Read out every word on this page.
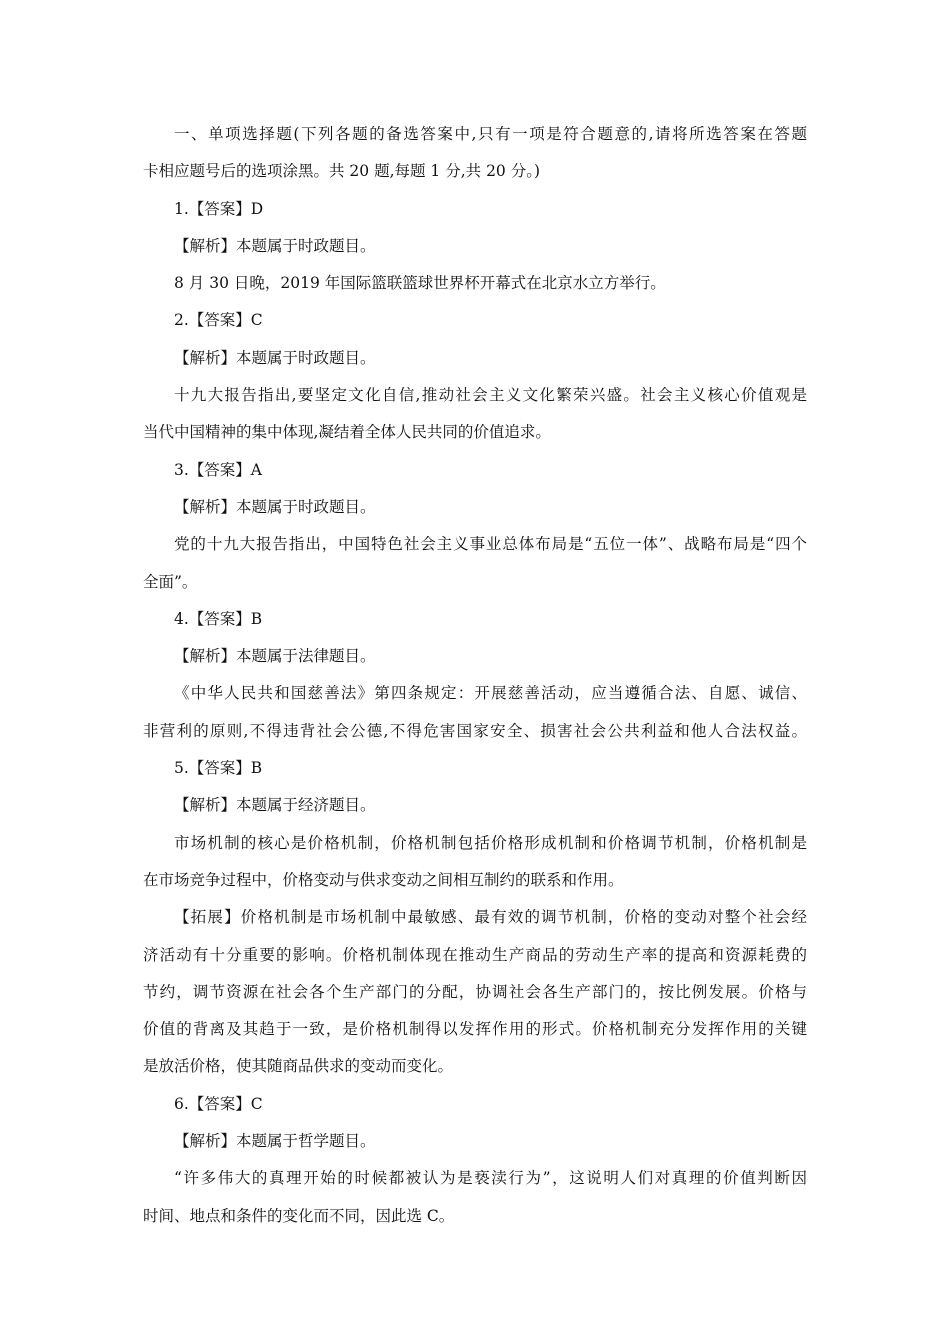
一、单项选择题(下列各题的备选答案中,只有一项是符合题意的,请将所选答案在答题
卡相应题号后的选项涂黑。共 20 题,每题 1 分,共 20 分。)
1.【答案】D
【解析】本题属于时政题目。
8 月 30 日晚，2019 年国际篮联篮球世界杯开幕式在北京水立方举行。
2.【答案】C
【解析】本题属于时政题目。
十九大报告指出,要坚定文化自信,推动社会主义文化繁荣兴盛。社会主义核心价值观是
当代中国精神的集中体现,凝结着全体人民共同的价值追求。
3.【答案】A
【解析】本题属于时政题目。
党的十九大报告指出，中国特色社会主义事业总体布局是“五位一体”、战略布局是“四个
全面”。
4.【答案】B
【解析】本题属于法律题目。
《中华人民共和国慈善法》第四条规定：开展慈善活动，应当遵循合法、自愿、诚信、
非营利的原则,不得违背社会公德,不得危害国家安全、损害社会公共利益和他人合法权益。
5.【答案】B
【解析】本题属于经济题目。
市场机制的核心是价格机制，价格机制包括价格形成机制和价格调节机制，价格机制是
在市场竞争过程中，价格变动与供求变动之间相互制约的联系和作用。
【拓展】价格机制是市场机制中最敏感、最有效的调节机制，价格的变动对整个社会经
济活动有十分重要的影响。价格机制体现在推动生产商品的劳动生产率的提高和资源耗费的
节约，调节资源在社会各个生产部门的分配，协调社会各生产部门的，按比例发展。价格与
价值的背离及其趋于一致，是价格机制得以发挥作用的形式。价格机制充分发挥作用的关键
是放活价格，使其随商品供求的变动而变化。
6.【答案】C
【解析】本题属于哲学题目。
“许多伟大的真理开始的时候都被认为是亵渎行为”，这说明人们对真理的价值判断因
时间、地点和条件的变化而不同，因此选 C。
